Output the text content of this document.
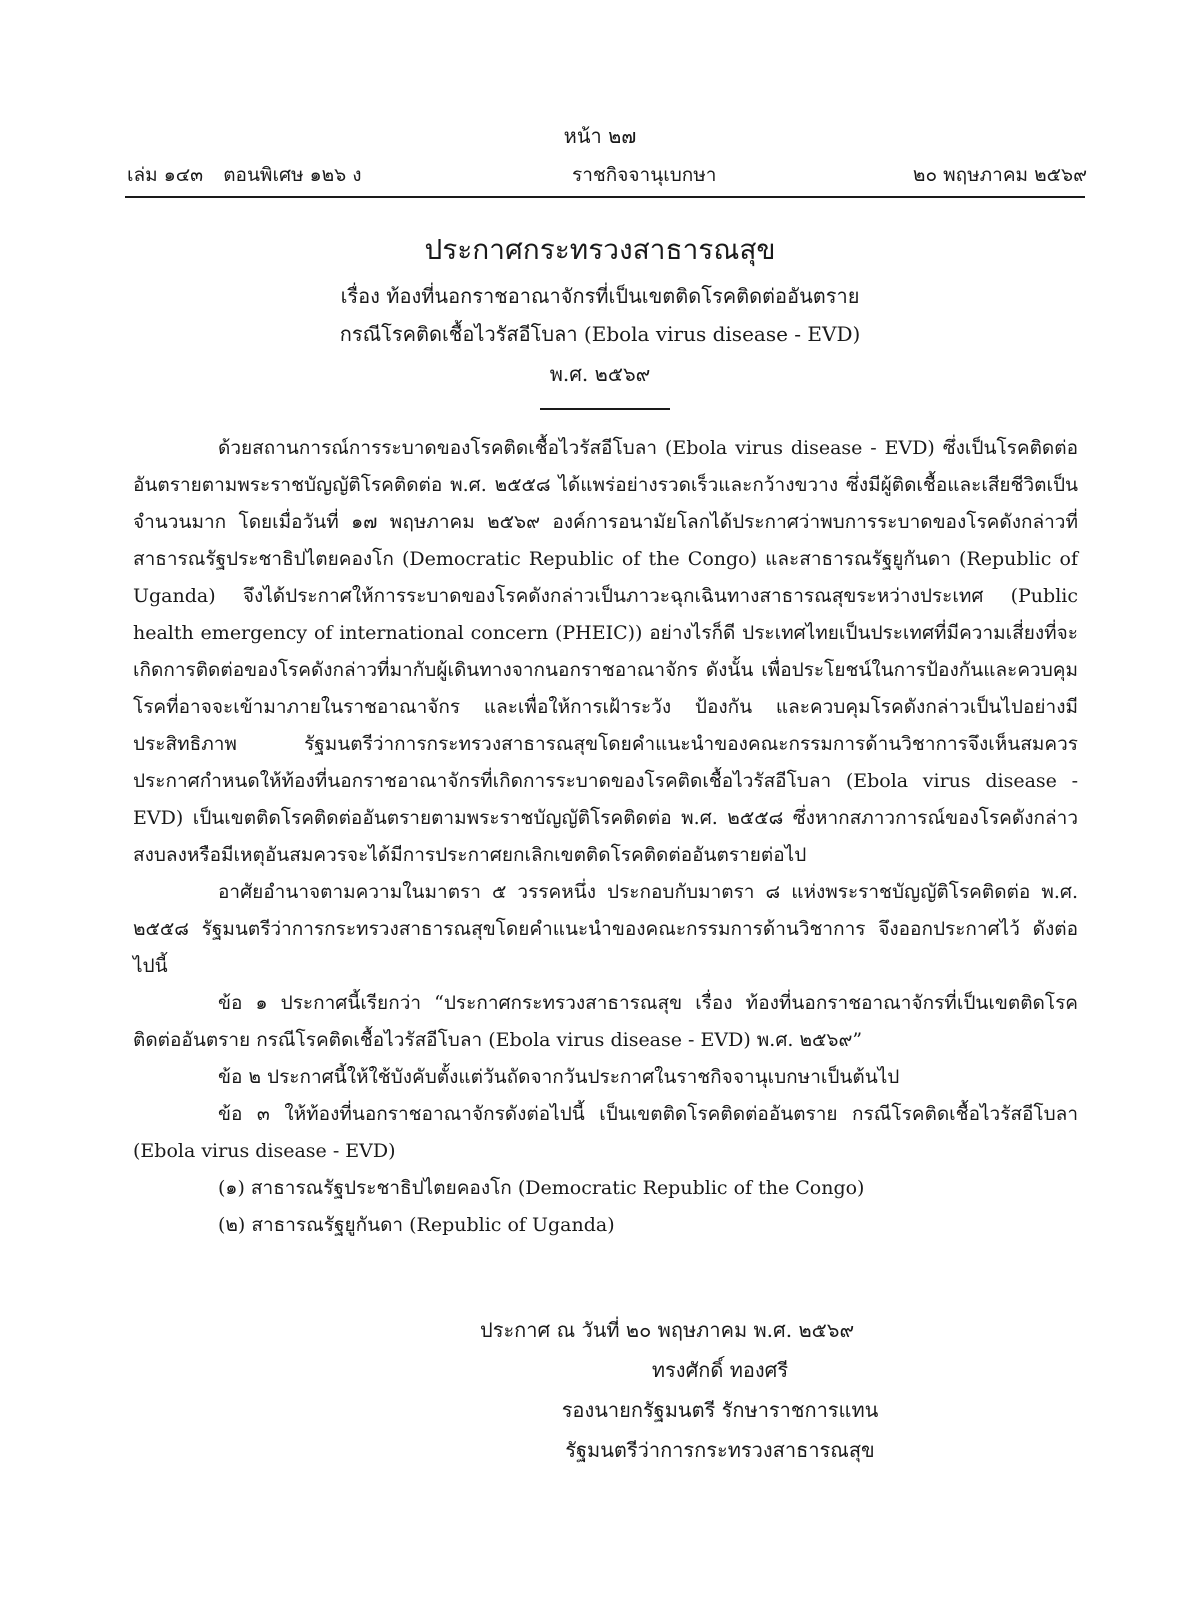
หน้า ๒๗
เล่ม ๑๔๓ ตอนพิเศษ ๑๒๖ ง	ราชกิจจานุเบกษา	๒๐ พฤษภาคม ๒๕๖๙
ประกาศกระทรวงสาธารณสุข
เรื่อง ท้องที่นอกราชอาณาจักรที่เป็นเขตติดโรคติดต่ออันตราย
กรณีโรคติดเชื้อไวรัสอีโบลา (Ebola virus disease - EVD)
พ.ศ. ๒๕๖๙

ด้วยสถานการณ์การระบาดของโรคติดเชื้อไวรัสอีโบลา (Ebola virus disease - EVD) ซึ่งเป็นโรคติดต่ออันตรายตามพระราชบัญญัติโรคติดต่อ พ.ศ. ๒๕๕๘ ได้แพร่อย่างรวดเร็วและกว้างขวาง ซึ่งมีผู้ติดเชื้อและเสียชีวิตเป็นจำนวนมาก โดยเมื่อวันที่ ๑๗ พฤษภาคม ๒๕๖๙ องค์การอนามัยโลกได้ประกาศว่าพบการระบาดของโรคดังกล่าวที่สาธารณรัฐประชาธิปไตยคองโก (Democratic Republic of the Congo) และสาธารณรัฐยูกันดา (Republic of Uganda) จึงได้ประกาศให้การระบาดของโรคดังกล่าวเป็นภาวะฉุกเฉินทางสาธารณสุขระหว่างประเทศ (Public health emergency of international concern (PHEIC)) อย่างไรก็ดี ประเทศไทยเป็นประเทศที่มีความเสี่ยงที่จะเกิดการติดต่อของโรคดังกล่าวที่มากับผู้เดินทางจากนอกราชอาณาจักร ดังนั้น เพื่อประโยชน์ในการป้องกันและควบคุมโรคที่อาจจะเข้ามาภายในราชอาณาจักร และเพื่อให้การเฝ้าระวัง ป้องกัน และควบคุมโรคดังกล่าวเป็นไปอย่างมีประสิทธิภาพ รัฐมนตรีว่าการกระทรวงสาธารณสุขโดยคำแนะนำของคณะกรรมการด้านวิชาการจึงเห็นสมควรประกาศกำหนดให้ท้องที่นอกราชอาณาจักรที่เกิดการระบาดของโรคติดเชื้อไวรัสอีโบลา (Ebola virus disease - EVD) เป็นเขตติดโรคติดต่ออันตรายตามพระราชบัญญัติโรคติดต่อ พ.ศ. ๒๕๕๘ ซึ่งหากสภาวการณ์ของโรคดังกล่าวสงบลงหรือมีเหตุอันสมควรจะได้มีการประกาศยกเลิกเขตติดโรคติดต่ออันตรายต่อไป

อาศัยอำนาจตามความในมาตรา ๕ วรรคหนึ่ง ประกอบกับมาตรา ๘ แห่งพระราชบัญญัติโรคติดต่อ พ.ศ. ๒๕๕๘ รัฐมนตรีว่าการกระทรวงสาธารณสุขโดยคำแนะนำของคณะกรรมการด้านวิชาการ จึงออกประกาศไว้ ดังต่อไปนี้

ข้อ ๑ ประกาศนี้เรียกว่า “ประกาศกระทรวงสาธารณสุข เรื่อง ท้องที่นอกราชอาณาจักรที่เป็นเขตติดโรคติดต่ออันตราย กรณีโรคติดเชื้อไวรัสอีโบลา (Ebola virus disease - EVD) พ.ศ. ๒๕๖๙”

ข้อ ๒ ประกาศนี้ให้ใช้บังคับตั้งแต่วันถัดจากวันประกาศในราชกิจจานุเบกษาเป็นต้นไป

ข้อ ๓ ให้ท้องที่นอกราชอาณาจักรดังต่อไปนี้ เป็นเขตติดโรคติดต่ออันตราย กรณีโรคติดเชื้อไวรัสอีโบลา (Ebola virus disease - EVD)

(๑) สาธารณรัฐประชาธิปไตยคองโก (Democratic Republic of the Congo)

(๒) สาธารณรัฐยูกันดา (Republic of Uganda)

ประกาศ ณ วันที่ ๒๐ พฤษภาคม พ.ศ. ๒๕๖๙
ทรงศักดิ์ ทองศรี
รองนายกรัฐมนตรี รักษาราชการแทน
รัฐมนตรีว่าการกระทรวงสาธารณสุข
